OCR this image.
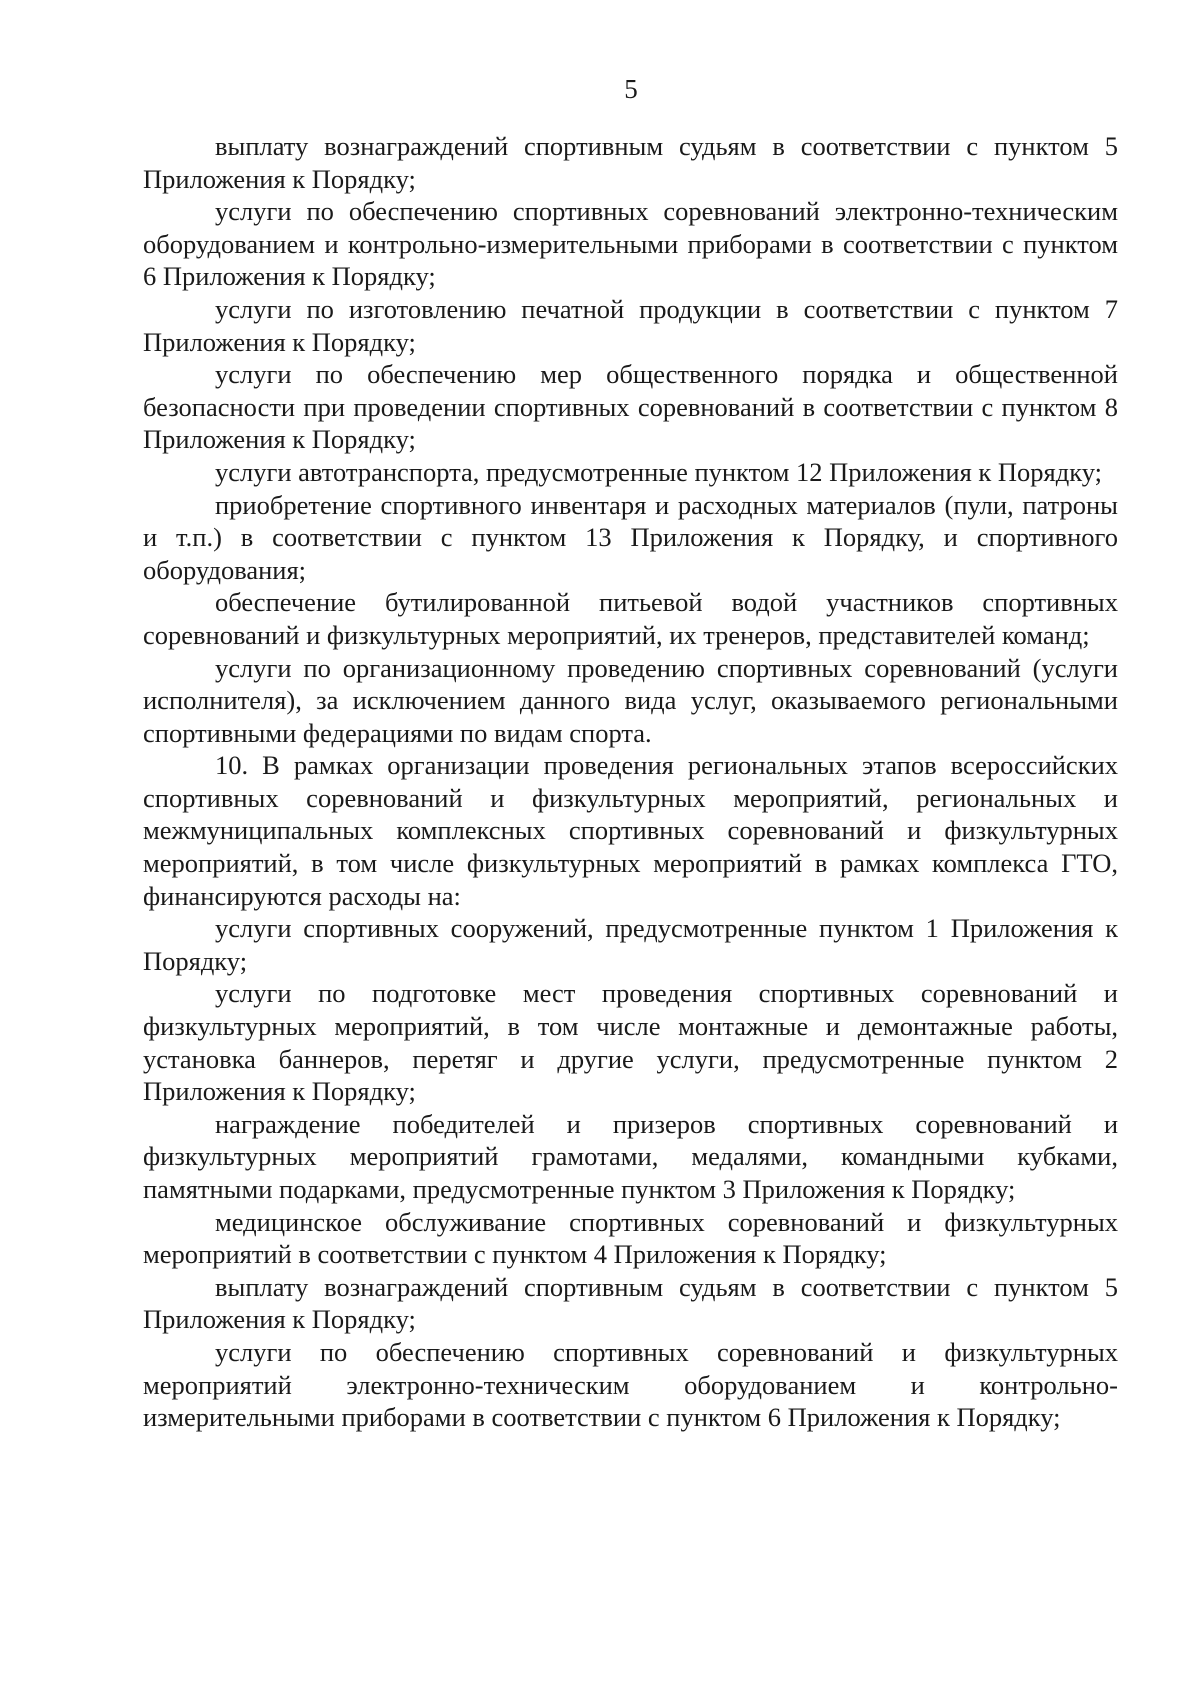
5

выплату вознаграждений спортивным судьям в соответствии с пунктом 5 Приложения к Порядку;

услуги по обеспечению спортивных соревнований электронно-техническим оборудованием и контрольно-измерительными приборами в соответствии с пунктом 6 Приложения к Порядку;

услуги по изготовлению печатной продукции в соответствии с пунктом 7 Приложения к Порядку;

услуги по обеспечению мер общественного порядка и общественной безопасности при проведении спортивных соревнований в соответствии с пунктом 8 Приложения к Порядку;

услуги автотранспорта, предусмотренные пунктом 12 Приложения к Порядку;

приобретение спортивного инвентаря и расходных материалов (пули, патроны и т.п.) в соответствии с пунктом 13 Приложения к Порядку, и спортивного оборудования;

обеспечение бутилированной питьевой водой участников спортивных соревнований и физкультурных мероприятий, их тренеров, представителей команд;

услуги по организационному проведению спортивных соревнований (услуги исполнителя), за исключением данного вида услуг, оказываемого региональными спортивными федерациями по видам спорта.

10. В рамках организации проведения региональных этапов всероссийских спортивных соревнований и физкультурных мероприятий, региональных и межмуниципальных комплексных спортивных соревнований и физкультурных мероприятий, в том числе физкультурных мероприятий в рамках комплекса ГТО, финансируются расходы на:

услуги спортивных сооружений, предусмотренные пунктом 1 Приложения к Порядку;

услуги по подготовке мест проведения спортивных соревнований и физкультурных мероприятий, в том числе монтажные и демонтажные работы, установка баннеров, перетяг и другие услуги, предусмотренные пунктом 2 Приложения к Порядку;

награждение победителей и призеров спортивных соревнований и физкультурных мероприятий грамотами, медалями, командными кубками, памятными подарками, предусмотренные пунктом 3 Приложения к Порядку;

медицинское обслуживание спортивных соревнований и физкультурных мероприятий в соответствии с пунктом 4 Приложения к Порядку;

выплату вознаграждений спортивным судьям в соответствии с пунктом 5 Приложения к Порядку;

услуги по обеспечению спортивных соревнований и физкультурных мероприятий электронно-техническим оборудованием и контрольно-измерительными приборами в соответствии с пунктом 6 Приложения к Порядку;
